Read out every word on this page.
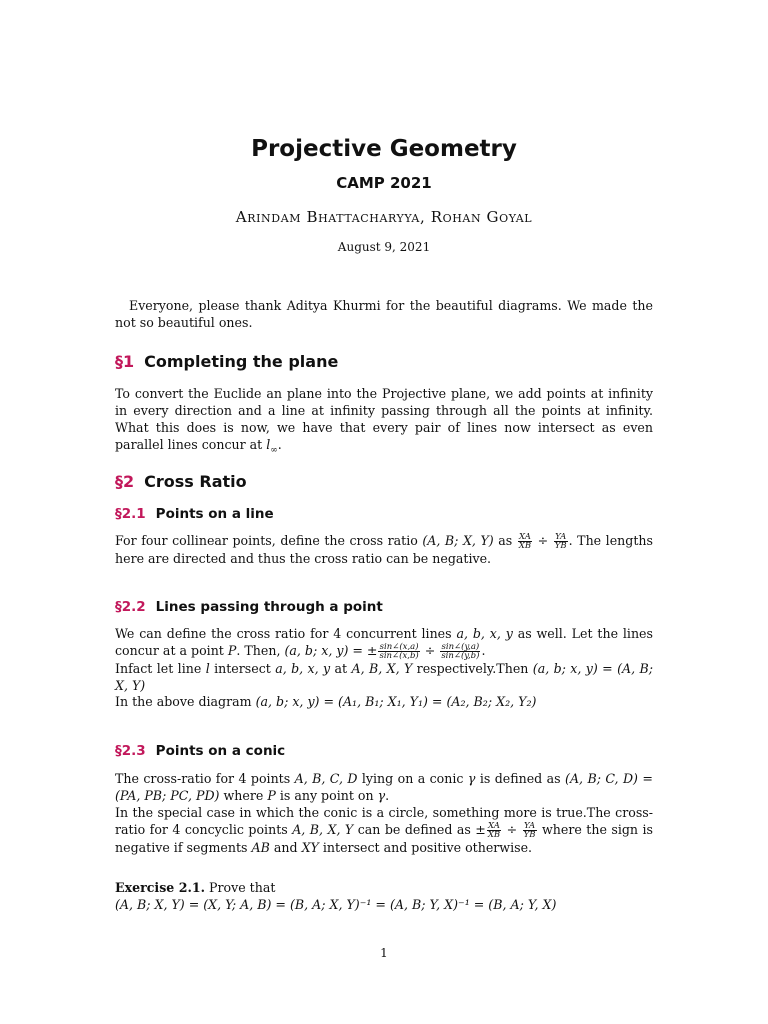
Projective Geometry
CAMP 2021
Arindam Bhattacharyya, Rohan Goyal
August 9, 2021
Everyone, please thank Aditya Khurmi for the beautiful diagrams. We made the not so beautiful ones.
§1 Completing the plane
To convert the Euclide an plane into the Projective plane, we add points at infinity in every direction and a line at infinity passing through all the points at infinity. What this does is now, we have that every pair of lines now intersect as even parallel lines concur at $l_\infty$.
§2 Cross Ratio
§2.1 Points on a line
For four collinear points, define the cross ratio (A, B; X, Y) as $\frac{XA}{XB} \div \frac{YA}{YB}$ . The lengths here are directed and thus the cross ratio can be negative.
§2.2 Lines passing through a point
We can define the cross ratio for 4 concurrent lines a, b, x, y as well. Let the lines concur at a point P. Then, (a, b; x, y) = ± $\frac{\sin\angle(x,a)}{\sin\angle(x,b)} \div \frac{\sin\angle(y,a)}{\sin\angle(y,b)}$ .
Infact let line l intersect a, b, x, y at A, B, X, Y respectively.Then (a, b; x, y) = (A, B; X, Y)
In the above diagram (a, b; x, y) = (A₁, B₁; X₁, Y₁) = (A₂, B₂; X₂, Y₂)
§2.3 Points on a conic
The cross-ratio for 4 points A, B, C, D lying on a conic γ is defined as (A, B; C, D) = (PA, PB; PC, PD) where P is any point on γ.
In the special case in which the conic is a circle, something more is true.The cross-ratio for 4 concyclic points A, B, X, Y can be defined as ± $\frac{XA}{XB} \div \frac{YA}{YB}$ where the sign is negative if segments AB and XY intersect and positive otherwise.
Exercise 2.1. Prove that
(A, B; X, Y) = (X, Y; A, B) = (B, A; X, Y)⁻¹ = (A, B; Y, X)⁻¹ = (B, A; Y, X)
1
